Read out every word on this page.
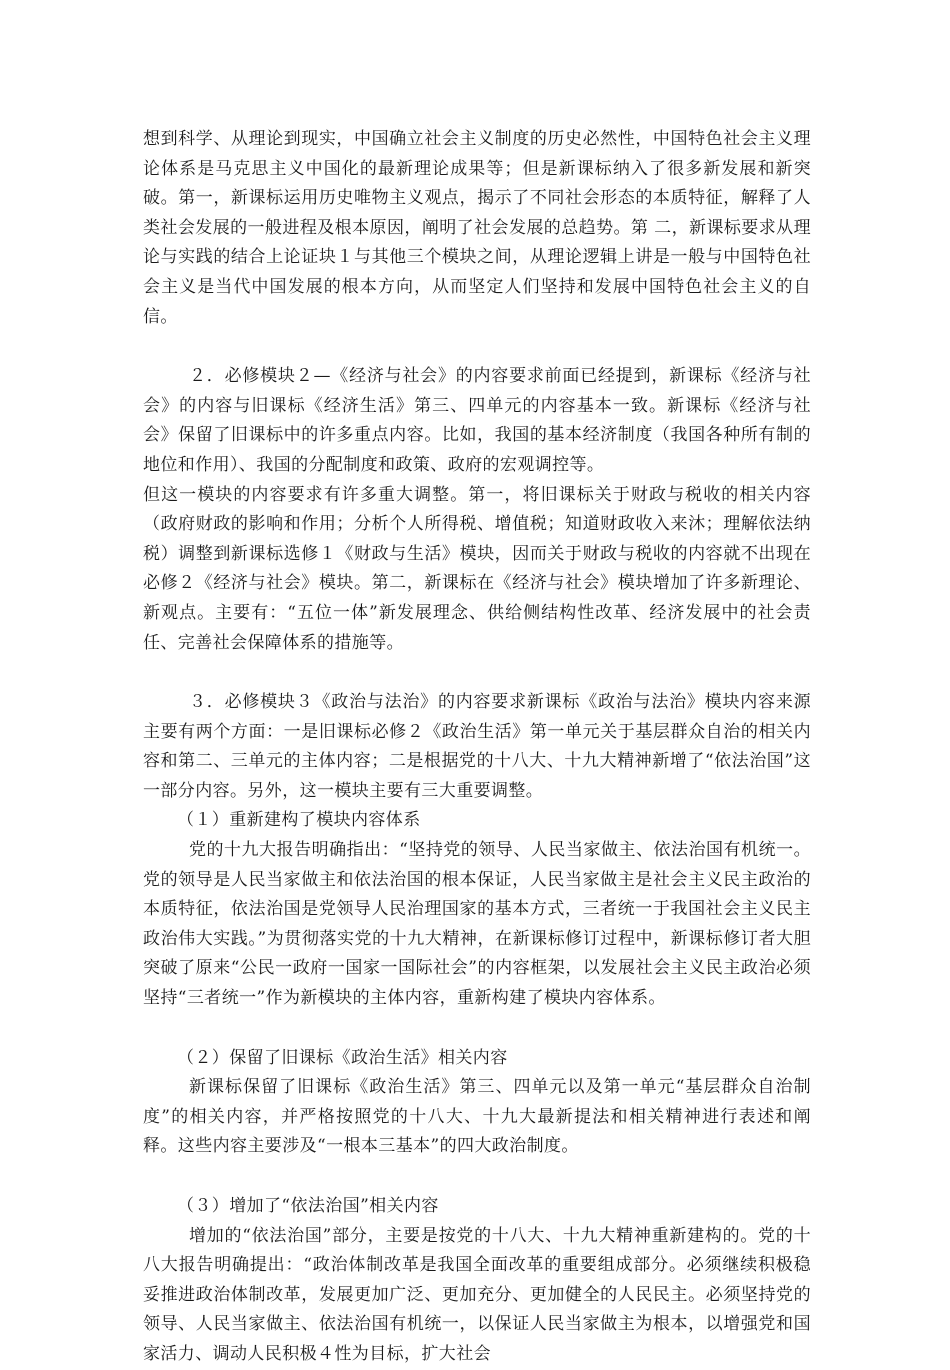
想到科学、从理论到现实，中国确立社会主义制度的历史必然性，中国特色社会主义理论体系是马克思主义中国化的最新理论成果等；但是新课标纳入了很多新发展和新突破。第一，新课标运用历史唯物主义观点，揭示了不同社会形态的本质特征，解释了人类社会发展的一般进程及根本原因，阐明了社会发展的总趋势。第 二，新课标要求从理论与实践的结合上论证块１与其他三个模块之间，从理论逻辑上讲是一般与中国特色社会主义是当代中国发展的根本方向，从而坚定人们坚持和发展中国特色社会主义的自信。

２．必修模块２—《经济与社会》的内容要求前面已经提到，新课标《经济与社会》的内容与旧课标《经济生活》第三、四单元的内容基本一致。新课标《经济与社会》保留了旧课标中的许多重点内容。比如，我国的基本经济制度（我国各种所有制的地位和作用）、我国的分配制度和政策、政府的宏观调控等。

但这一模块的内容要求有许多重大调整。第一，将旧课标关于财政与税收的相关内容（政府财政的影响和作用；分析个人所得税、增值税；知道财政收入来沐；理解依法纳税）调整到新课标选修１《财政与生活》模块，因而关于财政与税收的内容就不出现在必修２《经济与社会》模块。第二，新课标在《经济与社会》模块增加了许多新理论、新观点。主要有：“五位一体”新发展理念、供给侧结构性改革、经济发展中的社会责任、完善社会保障体系的措施等。

３．必修模块３《政治与法治》的内容要求新课标《政治与法治》模块内容来源主要有两个方面：一是旧课标必修２《政治生活》第一单元关于基层群众自治的相关内容和第二、三单元的主体内容；二是根据党的十八大、十九大精神新增了“依法治国”这一部分内容。另外，这一模块主要有三大重要调整。

（１）重新建构了模块内容体系

党的十九大报告明确指出：“坚持党的领导、人民当家做主、依法治国有机统一。党的领导是人民当家做主和依法治国的根本保证，人民当家做主是社会主义民主政治的本质特征，依法治国是党领导人民治理国家的基本方式，三者统一于我国社会主义民主政治伟大实践。”为贯彻落实党的十九大精神，在新课标修订过程中，新课标修订者大胆突破了原来“公民一政府一国家一国际社会”的内容框架，以发展社会主义民主政治必须坚持“三者统一”作为新模块的主体内容，重新构建了模块内容体系。

（２）保留了旧课标《政治生活》相关内容

新课标保留了旧课标《政治生活》第三、四单元以及第一单元“基层群众自治制度”的相关内容，并严格按照党的十八大、十九大最新提法和相关精神进行表述和阐释。这些内容主要涉及“一根本三基本”的四大政治制度。

（３）增加了“依法治国”相关内容

增加的“依法治国”部分，主要是按党的十八大、十九大精神重新建构的。党的十八大报告明确提出：“政治体制改革是我国全面改革的重要组成部分。必须继续积极稳妥推进政治体制改革，发展更加广泛、更加充分、更加健全的人民民主。必须坚持党的领导、人民当家做主、依法治国有机统一，以保证人民当家做主为根本，以增强党和国家活力、调动人民积极４性为目标，扩大社会
